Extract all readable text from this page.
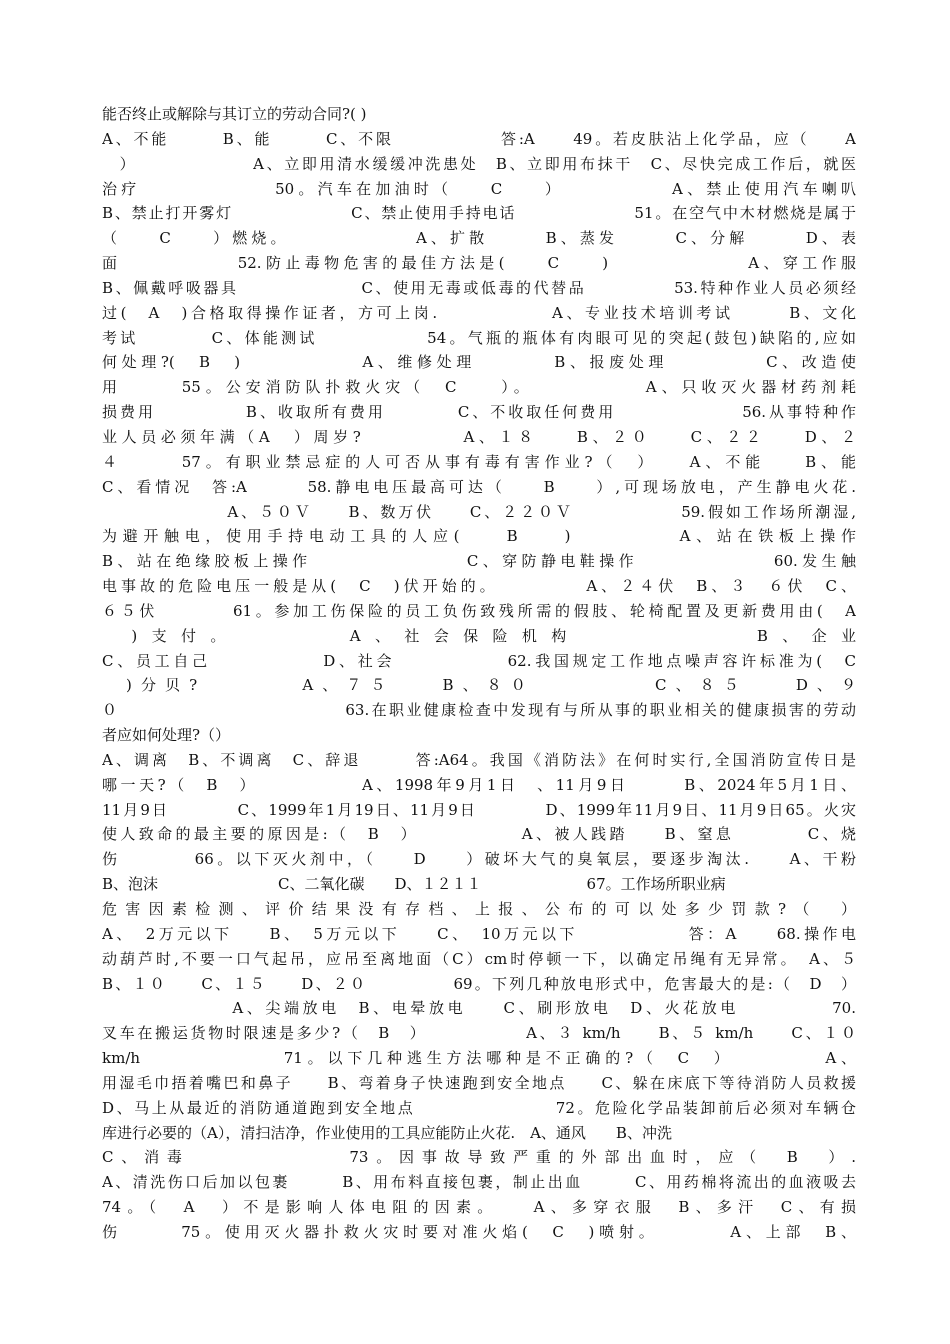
能否终止或解除与其订立的劳动合同?( )
A、不能　　　B、能　　　C、不限　　　　　　答:A　　49。若皮肤沾上化学品，应（　　A
　）　　　　　　　A、立即用清水缓缓冲洗患处　B、立即用布抹干　C、尽快完成工作后，就医
治疗　　　　　　　50。汽车在加油时（　　C　　）　　　　　　A、禁止使用汽车喇叭
B、禁止打开雾灯　　　　　　　C、禁止使用手持电话　　　　　　　51。在空气中木材燃烧是属于
（　　C　　）燃烧。　　　　　　　A、扩散　　　B、蒸发　　　C、分解　　　D、表
面　　　　　　52.防止毒物危害的最佳方法是(　　C　　)　　　　　　　A、穿工作服
B、佩戴呼吸器具　　　　　　　C、使用无毒或低毒的代替品　　　　　53.特种作业人员必须经
过(　A　)合格取得操作证者，方可上岗.　　　　　　A、专业技术培训考试　　　B、文化
考试　　　　C、体能测试　　　　　　54。气瓶的瓶体有肉眼可见的突起(鼓包)缺陷的,应如
何处理?(　B　)　　　　　　A、维修处理　　　　B、报废处理　　　　　C、改造使
用　　　55。公安消防队扑救火灾（　C　　）。　　　　　　A、只收灭火器材药剂耗
损费用　　　　　B、收取所有费用　　　　C、不收取任何费用　　　　　　　56.从事特种作
业人员必须年满（A　）周岁?　　　　　A、１８　　B、２０　　C、２２　　D、２
４　　　57。有职业禁忌症的人可否从事有毒有害作业?（　）　　A、不能　　B、能
C、看情况　答:A　　　58.静电电压最高可达（　　B　　）,可现场放电，产生静电火花.
　　　　　　　A、５０Ｖ　　B、数万伏　　C、２２０Ｖ　　　　　　59.假如工作场所潮湿,
为避开触电，使用手持电动工具的人应(　　B　　)　　　　　A、站在铁板上操作
B、站在绝缘胶板上操作　　　　　　　　C、穿防静电鞋操作　　　　　　　60.发生触
电事故的危险电压一般是从(　C　)伏开始的。　　　　　A、２４伏　B、３　６伏　C、
６５伏　　　　61。参加工伤保险的员工负伤致残所需的假肢、轮椅配置及更新费用由(　A
　)支付。　　　　A、社会保险机构　　　　　　B、企业
C、员工自己　　　　　　D、社会　　　　　　62.我国规定工作地点噪声容许标准为(　C
　)分贝?　　　　A、７５　　B、８０　　　　　C、８５　　D、９
０　　　　　　　　　　　　　63.在职业健康检查中发现有与所从事的职业相关的健康损害的劳动
者应如何处理?（）
A、调离　B、不调离　C、辞退　　　答:A64。我国《消防法》在何时实行,全国消防宣传日是
哪一天?（　B　）　　　　　　A、1998年9月1日　、11月9日　　　B、2024年5月1日、
11月9日　　　　C、1999年1月19日、11月9日　　　　D、1999年11月9日、11月9日65。火灾
使人致命的最主要的原因是:（　B　）　　　　　　A、被人践踏　　B、窒息　　　　C、烧
伤　　　　66。以下灭火剂中，（　　D　　）破坏大气的臭氧层，要逐步淘汰.　　A、干粉
B、泡沫　　　　　　　　C、二氧化碳　　D、１２１１　　　　　　　67。工作场所职业病
危害因素检测、评价结果没有存档、上报、公布的可以处多少罚款?（　）
A、　2万元以下　　B、　5万元以下　　C、　10万元以下　　　　　　答：A　　68.操作电
动葫芦时,不要一口气起吊，应吊至离地面（C）cm时停顿一下，以确定吊绳有无异常。　A、５
B、１０　　C、１５　　D、２０　　　　　69。下列几种放电形式中，危害最大的是:（　D　）
　　　　　　　A、尖端放电　B、电晕放电　　C、刷形放电　D、火花放电　　　　　70.
叉车在搬运货物时限速是多少?（　B　）　　　　　　A、３ km/h　　B、５ km/h　　C、１０
km/h　　　　　　　71。以下几种逃生方法哪种是不正确的?（　C　）　　　　　A、
用湿毛巾捂着嘴巴和鼻子　　B、弯着身子快速跑到安全地点　　C、躲在床底下等待消防人员救援
D、马上从最近的消防通道跑到安全地点　　　　　　　　72。危险化学品装卸前后必须对车辆仓
库进行必要的（A），清扫洁净，作业使用的工具应能防止火花.　A、通风　　B、冲洗
C、消毒　　　　　　　73。因事故导致严重的外部出血时，应（　B　）.
A、清洗伤口后加以包裹　　　B、用布料直接包裹，制止出血　　　C、用药棉将流出的血液吸去
74。（　A　）不是影响人体电阻的因素。　　A、多穿衣服　B、多汗　C、有损
伤　　　75。使用灭火器扑救火灾时要对准火焰(　C　)喷射。　　　　A、上部　B、
